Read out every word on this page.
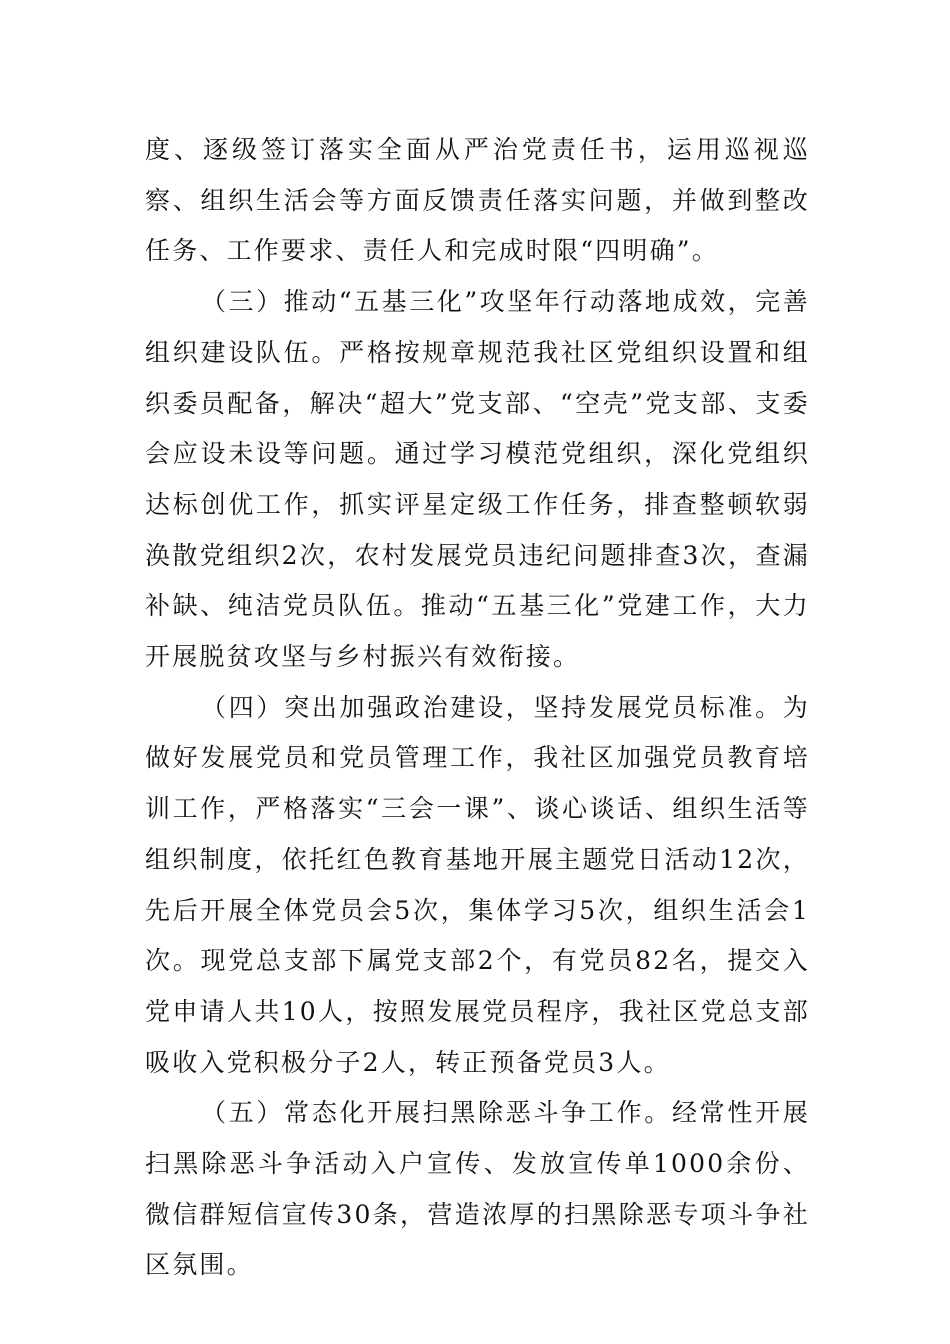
度、逐级签订落实全面从严治党责任书，运用巡视巡察、组织生活会等方面反馈责任落实问题，并做到整改任务、工作要求、责任人和完成时限“四明确”。

（三）推动“五基三化”攻坚年行动落地成效，完善组织建设队伍。严格按规章规范我社区党组织设置和组织委员配备，解决“超大”党支部、“空壳”党支部、支委会应设未设等问题。通过学习模范党组织，深化党组织达标创优工作，抓实评星定级工作任务，排查整顿软弱涣散党组织2次，农村发展党员违纪问题排查3次，查漏补缺、纯洁党员队伍。推动“五基三化”党建工作，大力开展脱贫攻坚与乡村振兴有效衔接。

（四）突出加强政治建设，坚持发展党员标准。为做好发展党员和党员管理工作，我社区加强党员教育培训工作，严格落实“三会一课”、谈心谈话、组织生活等组织制度，依托红色教育基地开展主题党日活动12次，先后开展全体党员会5次，集体学习5次，组织生活会1次。现党总支部下属党支部2个，有党员82名，提交入党申请人共10人，按照发展党员程序，我社区党总支部吸收入党积极分子2人，转正预备党员3人。

（五）常态化开展扫黑除恶斗争工作。经常性开展扫黑除恶斗争活动入户宣传、发放宣传单1000余份、微信群短信宣传30条，营造浓厚的扫黑除恶专项斗争社区氛围。
